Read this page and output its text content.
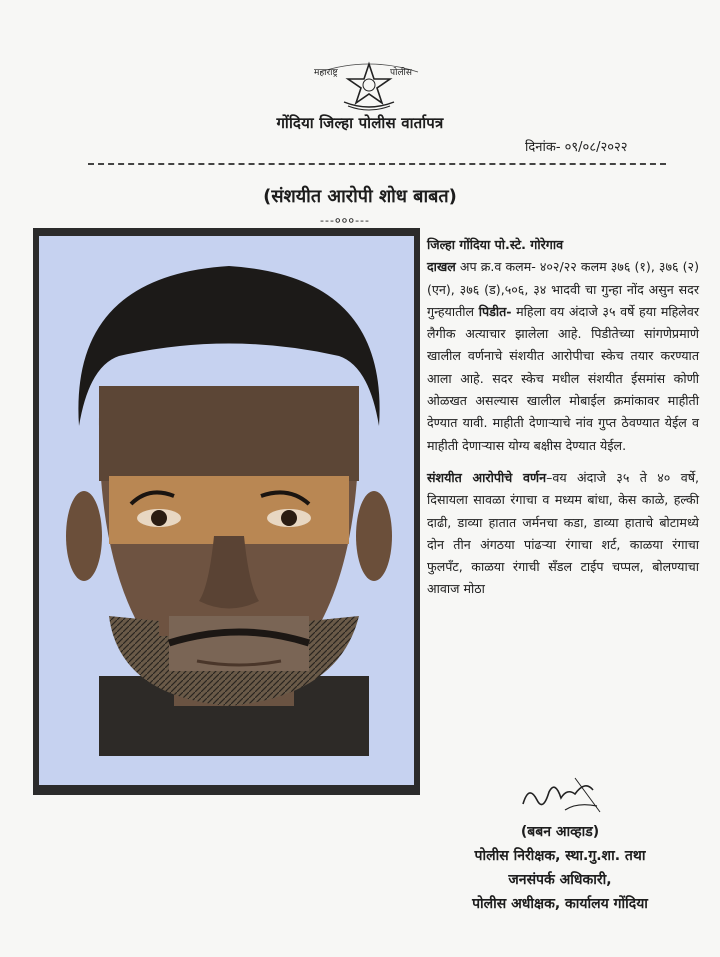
महाराष्ट्र	पोलीस
गोंदिया जिल्हा पोलीस वार्तापत्र
दिनांक- ०९/०८/२०२२
(संशयीत आरोपी शोध बाबत)
---०००---

जिल्हा गोंदिया पो.स्टे. गोरेगाव
दाखल अप क्र.व कलम- ४०२/२२ कलम ३७६ (१), ३७६ (२)(एन), ३७६ (ड),५०६, ३४ भादवी चा गुन्हा नोंद असुन सदर गुन्हयातील पिडीत- महिला वय अंदाजे ३५ वर्षे हया महिलेवर लैगीक अत्याचार झालेला आहे. पिडीतेच्या सांगणेप्रमाणे खालील वर्णनाचे संशयीत आरोपीचा स्केच तयार करण्यात आला आहे. सदर स्केच मधील संशयीत ईसमांस कोणी ओळखत असल्यास खालील मोबाईल क्रमांकावर माहीती देण्यात यावी. माहीती देणाऱ्याचे नांव गुप्त ठेवण्यात येईल व माहीती देणाऱ्यास योग्य बक्षीस देण्यात येईल.

संशयीत आरोपीचे वर्णन–वय अंदाजे ३५ ते ४० वर्षे, दिसायला सावळा रंगाचा व मध्यम बांधा, केस काळे, हल्की दाढी, डाव्या हातात जर्मनचा कडा, डाव्या हाताचे बोटामध्ये दोन तीन अंगठया पांढऱ्या रंगाचा शर्ट, काळया रंगाचा फुलपँट, काळया रंगाची सँडल टाईप चप्पल, बोलण्याचा आवाज मोठा

(बबन आव्हाड)
पोलीस निरीक्षक, स्था.गु.शा. तथा
जनसंपर्क अधिकारी,
पोलीस अधीक्षक, कार्यालय गोंदिया
